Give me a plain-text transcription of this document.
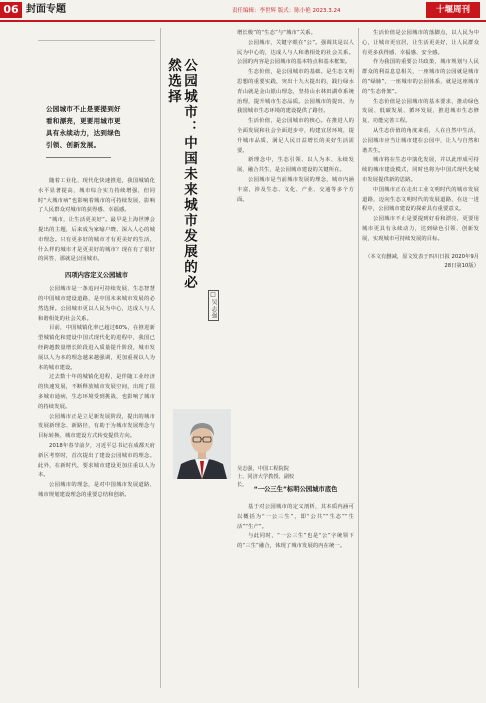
06 封面专题	责任编辑：李世辉 版式：陈小艳 2023.3.24	十堰周刊
公园城市不止是要提到好看和漂亮，更要用城市更具有永续动力，达到绿色引领、创新发展。

随着工业化、现代化快速推进，我国城镇化水平显著提高，城市综合实力持续增强，但同时“大城市病”也影响着城市的可持续发展，影响了人民群众对城市的获得感、幸福感。

“城市，让生活更美好”。最早是上海世博会提出的主题，后来成为家喻户晓、深入人心的城市理念。只有更多好的城市才有更美好的生活，什么样的城市才是更美好的城市？现在有了很好的回答，那就是公园城市。

四项内容定义公园城市

公园城市是一条追问可持续发展、生态智慧的中国城市建设道路，是中国未来城市发展的必然选择。公园城市更以人民为中心，达成人与人和谐相处的社会关系。

目前，中国城镇化率已超过60%，在推进新型城镇化和建设中国式现代化的进程中，我国已经跨越数量增长阶段进入质量提升阶段，城市发展以人为本的理念越来越强调，更加重视以人为本的城市建设。

过去数十年的城镇化进程，是伴随工业经济的快速发展，不断释放城市发展空间，出现了很多城市通病，生态环境受到挑战，也影响了城市的持续发展。

公园城市正是立足新发展阶段，提出的城市发展新理念、新路径，有助于为城市发展理念与目标转换、城市建设方式转变提供方向。

2018年春节前夕，习近平总书记在成都天府新区考察时，首次提出了建设公园城市的理念。此外，在新时代，要求城市建设更加注重以人为本。

公园城市的理念，是对中国城市发展道路、城市规划建设理念的重要总结和创新。

公园城市：中国未来城市发展的必然选择
□吴志强
吴志强，中国工程院院士、同济大学教授、副校长。

增长极”的“生态”与“城市”关系。

公园城市，关键字眼在“公”。强调其是以人民为中心的，达成人与人和谐相处的社会关系。公园的内容是公园城市的基本特点和基本框架。

生态价值，是公园城市的基础。是生态文明思想的重要实践，突出十九大提出的，践行绿水青山就是金山银山理念，坚持山水林田湖草系统治理，提升城市生态品质。公园城市的提出，为我国城市生态环境的建设提供了路径。

生活价值，是公园城市的核心。在推进人的全面发展和社会全面进步中，构建宜居环境，提升城市品质，满足人民日益增长的美好生活需要。

新理念中，生态引领、以人为本、永续发展、融合共生，是公园城市建设的关键所在。

公园城市是当前城市发展的理念，城市内涵丰富，涉及生态、文化、产业、交通等多个方面。

“一公三生”标明公园城市底色

基于对公园城市的定义剖析，其本质内涵可以概括为“一公三生”，即“公共”“生态”“生活”“生产”。

与此同时，“一公三生”也是“公”字统领下的“三生”融合，体现了城市发展的内在统一。

生活价值是公园城市的落脚点，以人民为中心，让城市更宜居，让生活更美好，让人民群众有更多获得感、幸福感、安全感。

作为我国的重要公共政策，城市规划与人民群众的利益息息相关，一座城市的公园就是城市的“绿肺”，一座城市的公园体系，就是这座城市的“生态骨架”。

生态价值是公园城市的基本要求，推动绿色发展、低碳发展、循环发展，推进城市生态修复、功能完善工程。

从生态价值的角度来看，人在自然中生活，公园城市应当让城市建在公园中，让人与自然和谐共生。

城市将在生态中演化发展，并以此形成可持续的城市建设模式，同时也将为中国式现代化城市发展提供新的思路。

中国城市正在走出工业文明时代的城市发展道路，迈向生态文明时代的发展道路，在这一进程中，公园城市建设的探索具有重要意义。

公园城市不止是要提到好看和漂亮，更要用城市更具有永续动力，达到绿色引领、创新发展，实现城市可持续发展的目标。

（本文有删减，原文发表于四川日报 2020年9月28日第10版）
